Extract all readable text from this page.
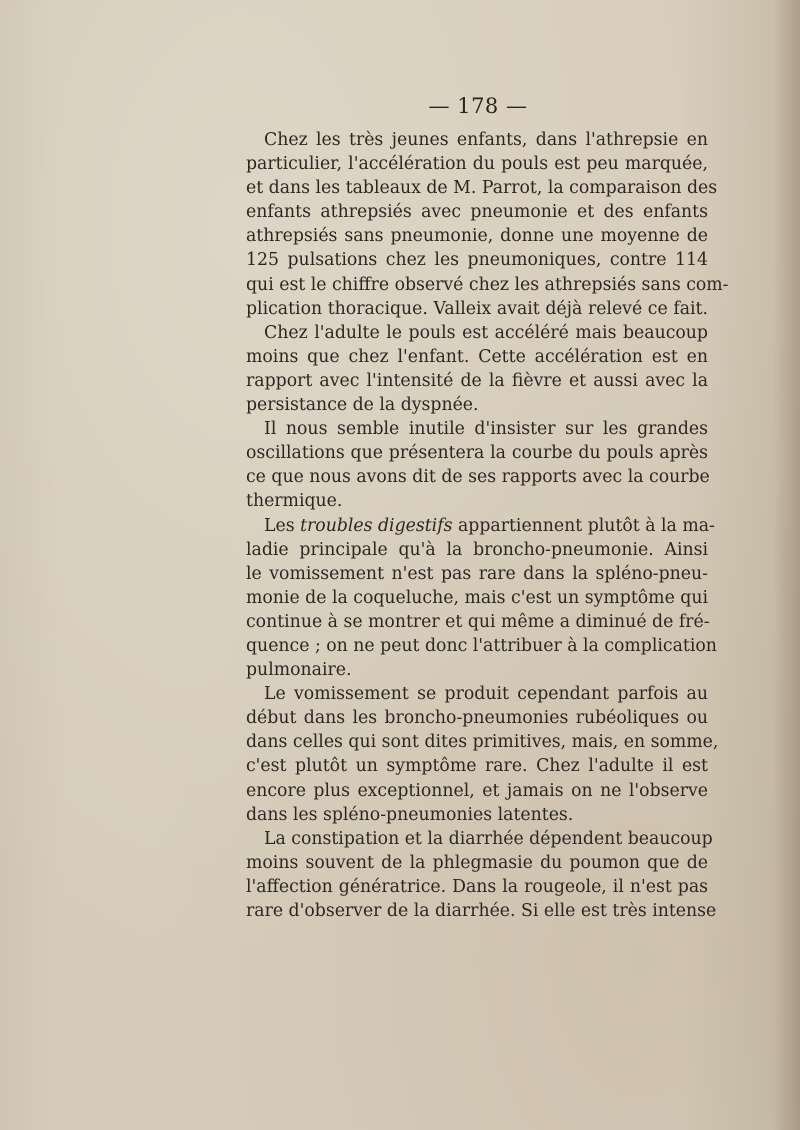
— 178 —
Chez les très jeunes enfants, dans l'athrepsie en
particulier, l'accélération du pouls est peu marquée,
et dans les tableaux de M. Parrot, la comparaison des
enfants athrepsiés avec pneumonie et des enfants
athrepsiés sans pneumonie, donne une moyenne de
125 pulsations chez les pneumoniques, contre 114
qui est le chiffre observé chez les athrepsiés sans com-
plication thoracique. Valleix avait déjà relevé ce fait.
Chez l'adulte le pouls est accéléré mais beaucoup
moins que chez l'enfant. Cette accélération est en
rapport avec l'intensité de la fièvre et aussi avec la
persistance de la dyspnée.
Il nous semble inutile d'insister sur les grandes
oscillations que présentera la courbe du pouls après
ce que nous avons dit de ses rapports avec la courbe
thermique.
Les troubles digestifs appartiennent plutôt à la ma-
ladie principale qu'à la broncho-pneumonie. Ainsi
le vomissement n'est pas rare dans la spléno-pneu-
monie de la coqueluche, mais c'est un symptôme qui
continue à se montrer et qui même a diminué de fré-
quence ; on ne peut donc l'attribuer à la complication
pulmonaire.
Le vomissement se produit cependant parfois au
début dans les broncho-pneumonies rubéoliques ou
dans celles qui sont dites primitives, mais, en somme,
c'est plutôt un symptôme rare. Chez l'adulte il est
encore plus exceptionnel, et jamais on ne l'observe
dans les spléno-pneumonies latentes.
La constipation et la diarrhée dépendent beaucoup
moins souvent de la phlegmasie du poumon que de
l'affection génératrice. Dans la rougeole, il n'est pas
rare d'observer de la diarrhée. Si elle est très intense
